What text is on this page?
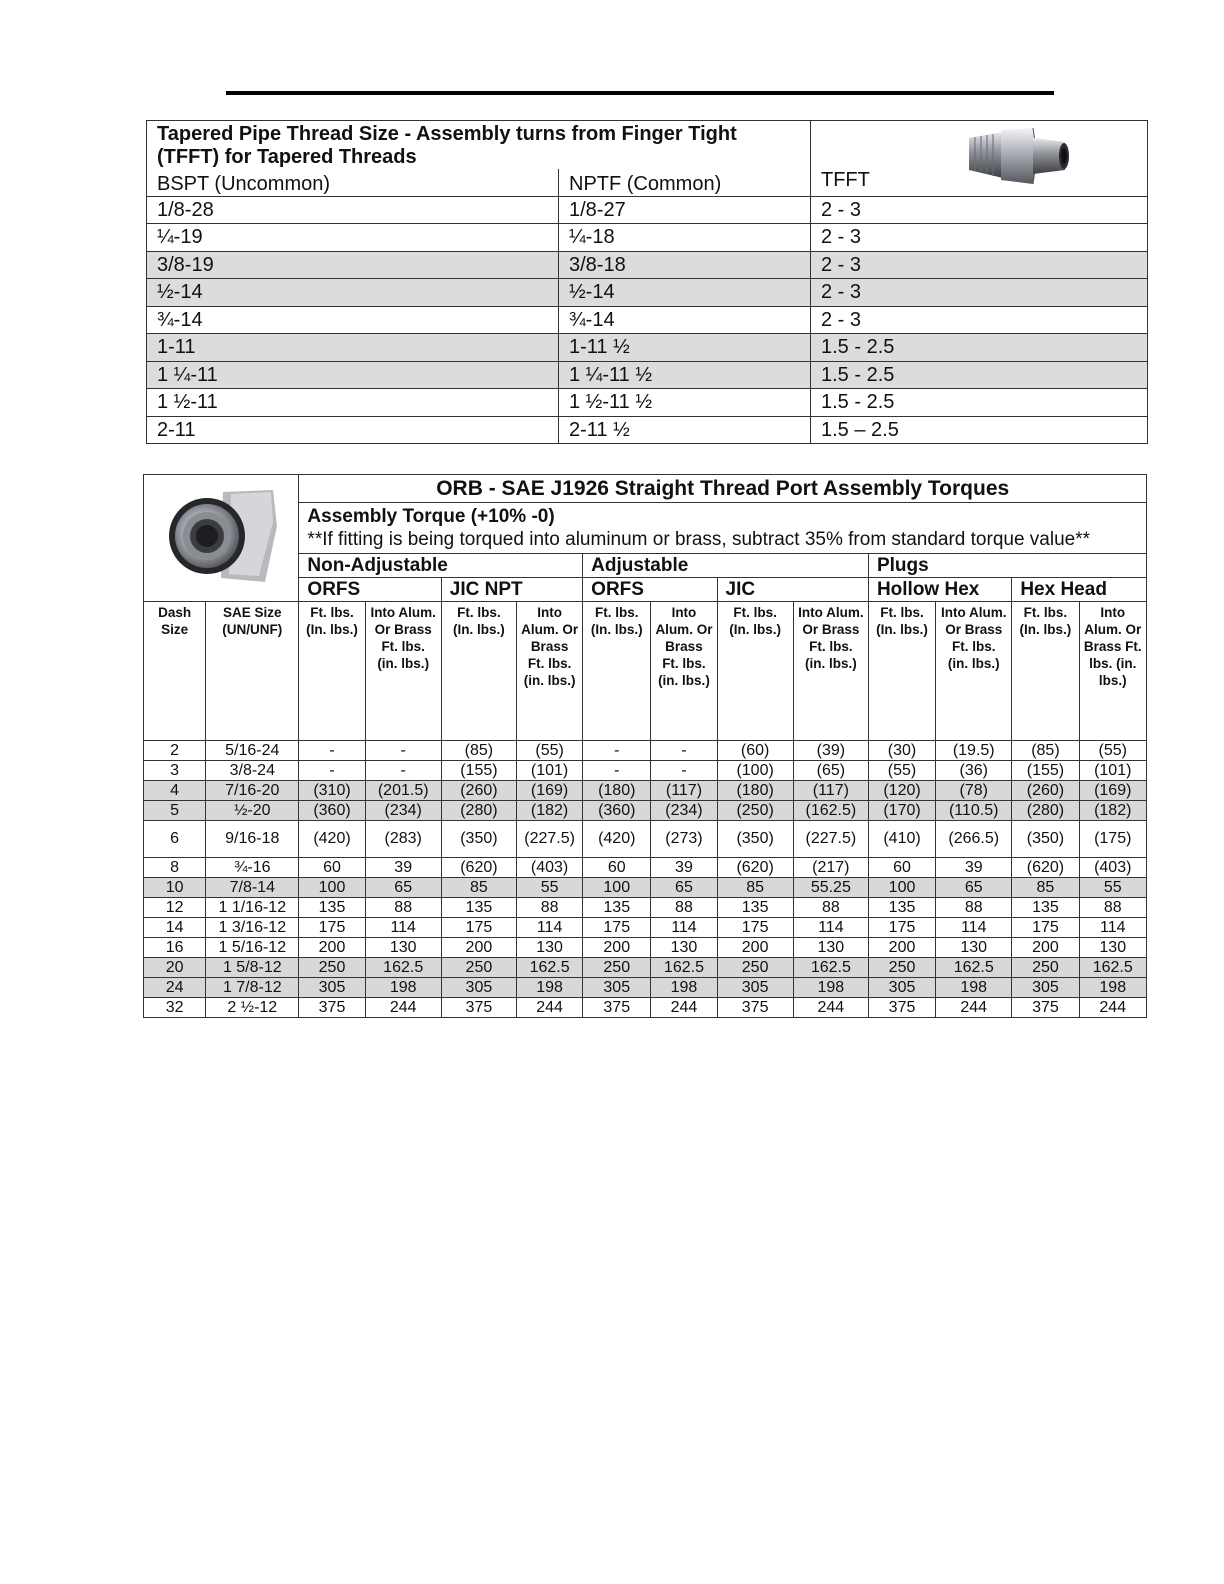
Tapered Pipe Thread Size - Assembly turns from Finger Tight (TFFT) for Tapered Threads		TFFT

BSPT (Uncommon)	NPTF (Common)	
1/8-28	1/8-27	2 - 3
¼-19	¼-18	2 - 3
3/8-19	3/8-18	2 - 3
½-14	½-14	2 - 3
¾-14	¾-14	2 - 3
1-11	1-11 ½	1.5 - 2.5
1 ¼-11	1 ¼-11 ½	1.5 - 2.5
1 ½-11	1 ½-11 ½	1.5 - 2.5
2-11	2-11 ½	1.5 – 2.5
	ORB - SAE J1926 Straight Thread Port Assembly Torques											
		Assembly Torque (+10% -0)
**If fitting is being torqued into aluminum or brass, subtract 35% from standard torque value**											
		Non-Adjustable				Adjustable				Plugs			
		ORFS		JIC NPT		ORFS		JIC		Hollow Hex		Hex Head	
Dash Size	SAE Size (UN/UNF)	Ft. lbs. (In. lbs.)	Into Alum. Or Brass Ft. lbs. (in. lbs.)	Ft. lbs. (In. lbs.)	Into Alum. Or Brass Ft. lbs. (in. lbs.)	Ft. lbs. (In. lbs.)	Into Alum. Or Brass Ft. lbs. (in. lbs.)	Ft. lbs. (In. lbs.)	Into Alum. Or Brass Ft. lbs. (in. lbs.)	Ft. lbs. (In. lbs.)	Into Alum. Or Brass Ft. lbs. (in. lbs.)	Ft. lbs. (In. lbs.)	Into Alum. Or Brass Ft. lbs. (in. lbs.)
2	5/16-24	-	-	(85)	(55)	-	-	(60)	(39)	(30)	(19.5)	(85)	(55)
3	3/8-24	-	-	(155)	(101)	-	-	(100)	(65)	(55)	(36)	(155)	(101)
4	7/16-20	(310)	(201.5)	(260)	(169)	(180)	(117)	(180)	(117)	(120)	(78)	(260)	(169)
5	½-20	(360)	(234)	(280)	(182)	(360)	(234)	(250)	(162.5)	(170)	(110.5)	(280)	(182)
6	9/16-18	(420)	(283)	(350)	(227.5)	(420)	(273)	(350)	(227.5)	(410)	(266.5)	(350)	(175)
8	¾-16	60	39	(620)	(403)	60	39	(620)	(217)	60	39	(620)	(403)
10	7/8-14	100	65	85	55	100	65	85	55.25	100	65	85	55
12	1 1/16-12	135	88	135	88	135	88	135	88	135	88	135	88
14	1 3/16-12	175	114	175	114	175	114	175	114	175	114	175	114
16	1 5/16-12	200	130	200	130	200	130	200	130	200	130	200	130
20	1 5/8-12	250	162.5	250	162.5	250	162.5	250	162.5	250	162.5	250	162.5
24	1 7/8-12	305	198	305	198	305	198	305	198	305	198	305	198
32	2 ½-12	375	244	375	244	375	244	375	244	375	244	375	244
